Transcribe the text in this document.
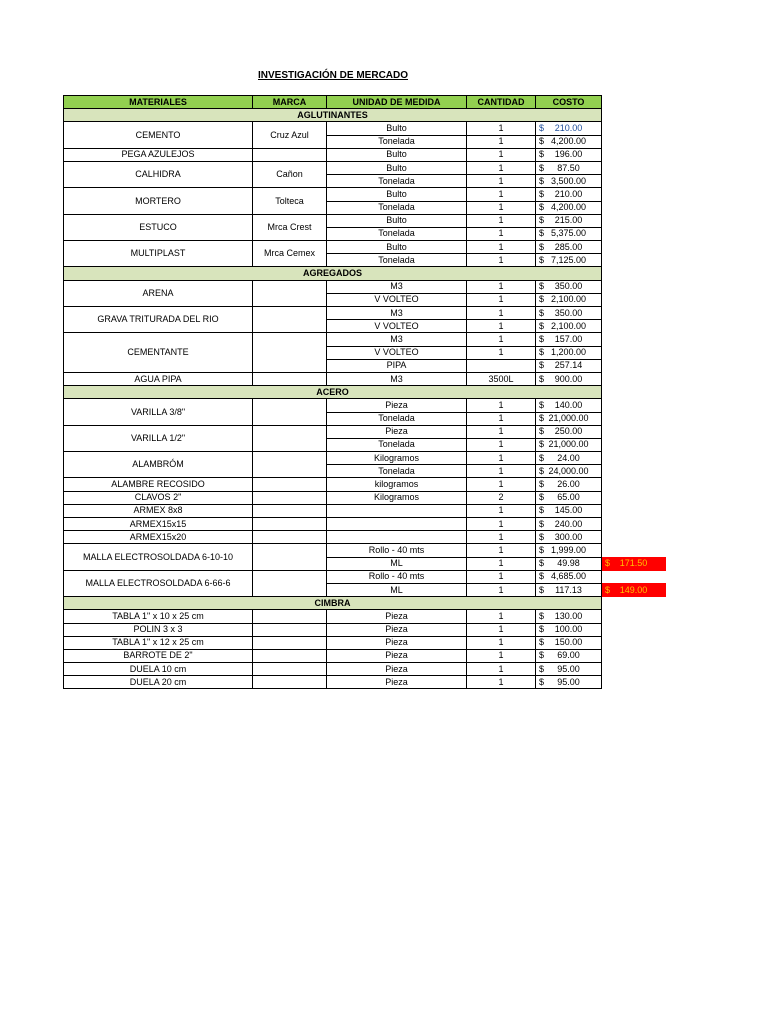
INVESTIGACIÓN DE MERCADO
MATERIALES	MARCA	UNIDAD DE MEDIDA	CANTIDAD	COSTO	
AGLUTINANTES					
CEMENTO	Cruz Azul	Bulto	1	$ 210.00	
		Tonelada	1	$ 4,200.00	
PEGA AZULEJOS		Bulto	1	$ 196.00	
CALHIDRA	Cañon	Bulto	1	$ 87.50	
		Tonelada	1	$ 3,500.00	
MORTERO	Tolteca	Bulto	1	$ 210.00	
		Tonelada	1	$ 4,200.00	
ESTUCO	Mrca Crest	Bulto	1	$ 215.00	
		Tonelada	1	$ 5,375.00	
MULTIPLAST	Mrca Cemex	Bulto	1	$ 285.00	
		Tonelada	1	$ 7,125.00	
AGREGADOS					
ARENA		M3	1	$ 350.00	
		V VOLTEO	1	$ 2,100.00	
GRAVA TRITURADA DEL RIO		M3	1	$ 350.00	
		V VOLTEO	1	$ 2,100.00	
CEMENTANTE		M3	1	$ 157.00	
		V VOLTEO	1	$ 1,200.00	
		PIPA		$ 257.14	
AGUA PIPA		M3	3500L	$ 900.00	
ACERO					
VARILLA 3/8"		Pieza	1	$ 140.00	
		Tonelada	1	$ 21,000.00	
VARILLA 1/2"		Pieza	1	$ 250.00	
		Tonelada	1	$ 21,000.00	
ALAMBRÓM		Kilogramos	1	$ 24.00	
		Tonelada	1	$ 24,000.00	
ALAMBRE RECOSIDO		kilogramos	1	$ 26.00	
CLAVOS 2"		Kilogramos	2	$ 65.00	
ARMEX 8x8			1	$ 145.00	
ARMEX15x15			1	$ 240.00	
ARMEX15x20			1	$ 300.00	
MALLA ELECTROSOLDADA 6-10-10		Rollo - 40 mts	1	$ 1,999.00	
		ML	1	$ 49.98	$ 171.50
MALLA ELECTROSOLDADA 6-66-6		Rollo - 40 mts	1	$ 4,685.00	
		ML	1	$ 117.13	$ 149.00
CIMBRA					
TABLA 1" x 10 x 25 cm		Pieza	1	$ 130.00	
POLIN 3 x 3		Pieza	1	$ 100.00	
TABLA 1" x 12 x 25 cm		Pieza	1	$ 150.00	
BARROTE DE 2"		Pieza	1	$ 69.00	
DUELA 10 cm		Pieza	1	$ 95.00	
DUELA 20 cm		Pieza	1	$ 95.00	
